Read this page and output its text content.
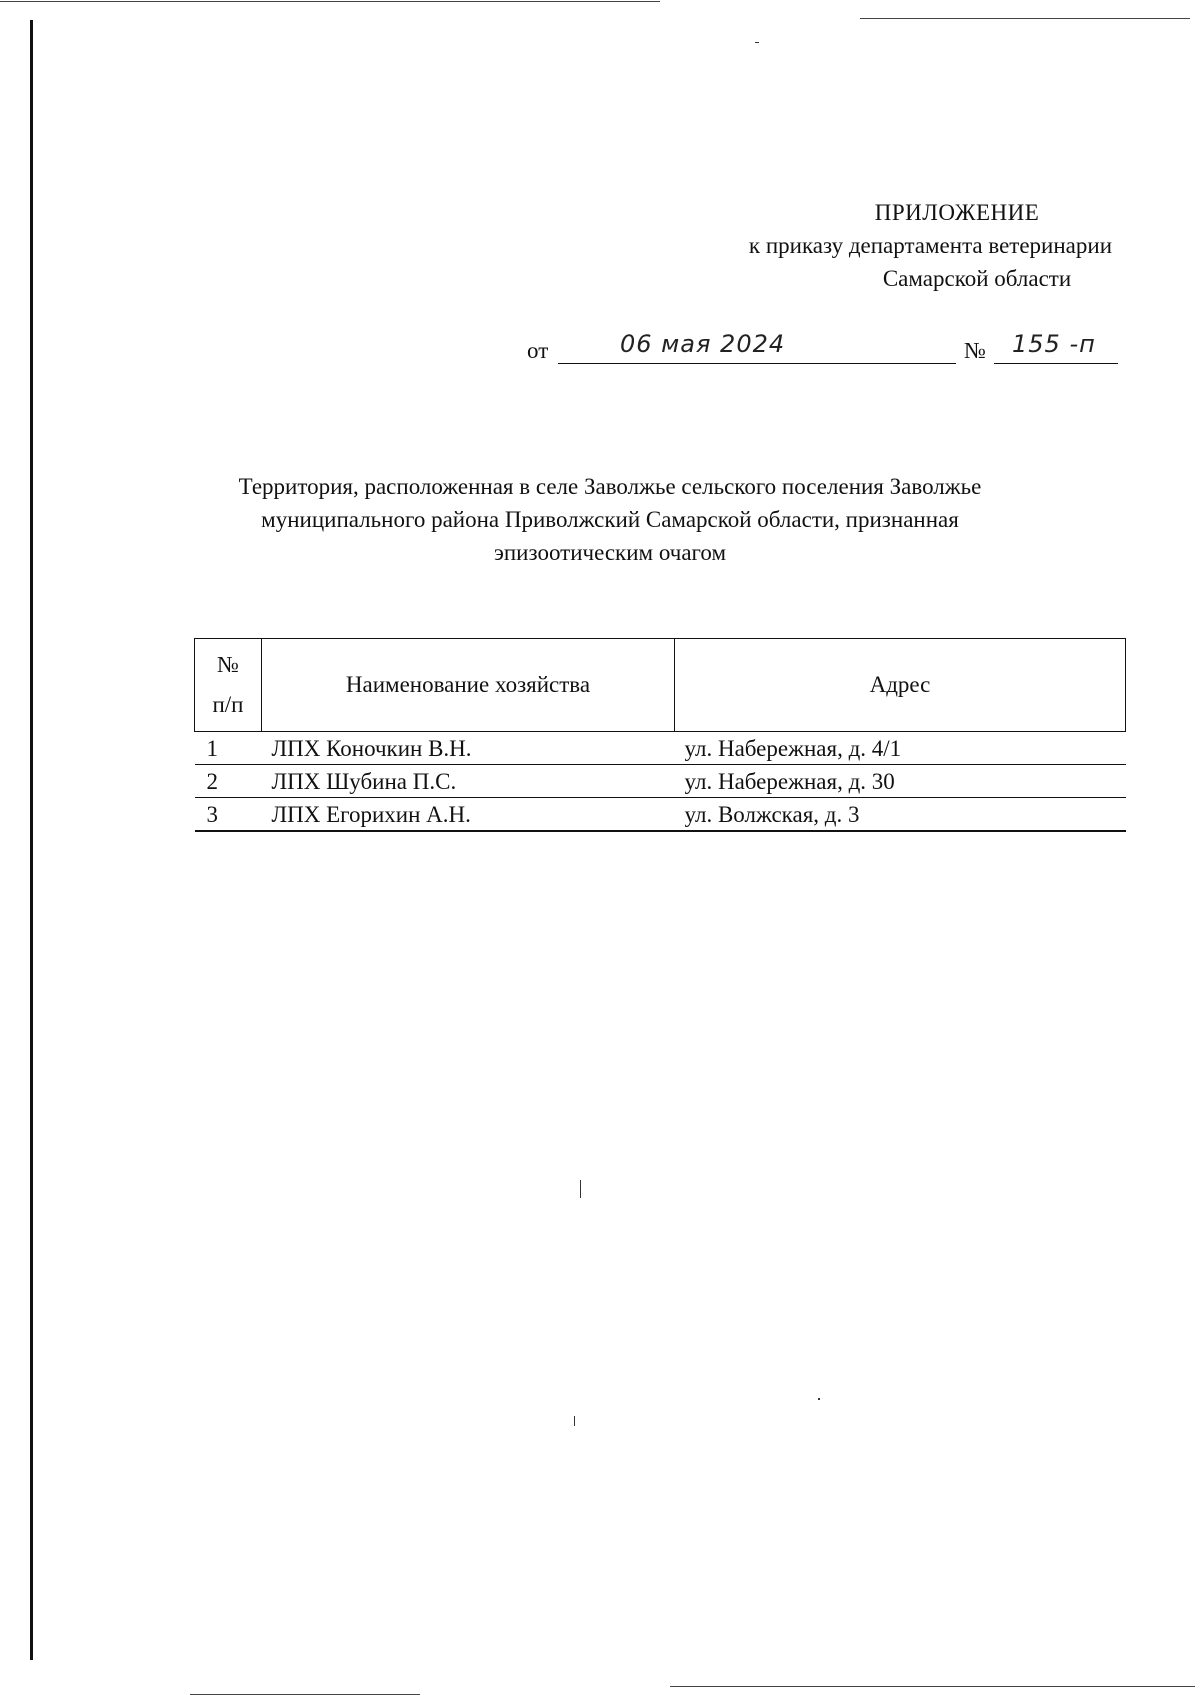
ПРИЛОЖЕНИЕ
к приказу департамента ветеринарии
Самарской области
от	06 мая 2024	№	155 -п
Территория, расположенная в селе Заволжье сельского поселения Заволжье
муниципального района Приволжский Самарской области, признанная
эпизоотическим очагом
№
п/п	Наименование хозяйства	Адрес
1	ЛПХ Коночкин В.Н.	ул. Набережная, д. 4/1
2	ЛПХ Шубина П.С.	ул. Набережная, д. 30
3	ЛПХ Егорихин А.Н.	ул. Волжская, д. 3
